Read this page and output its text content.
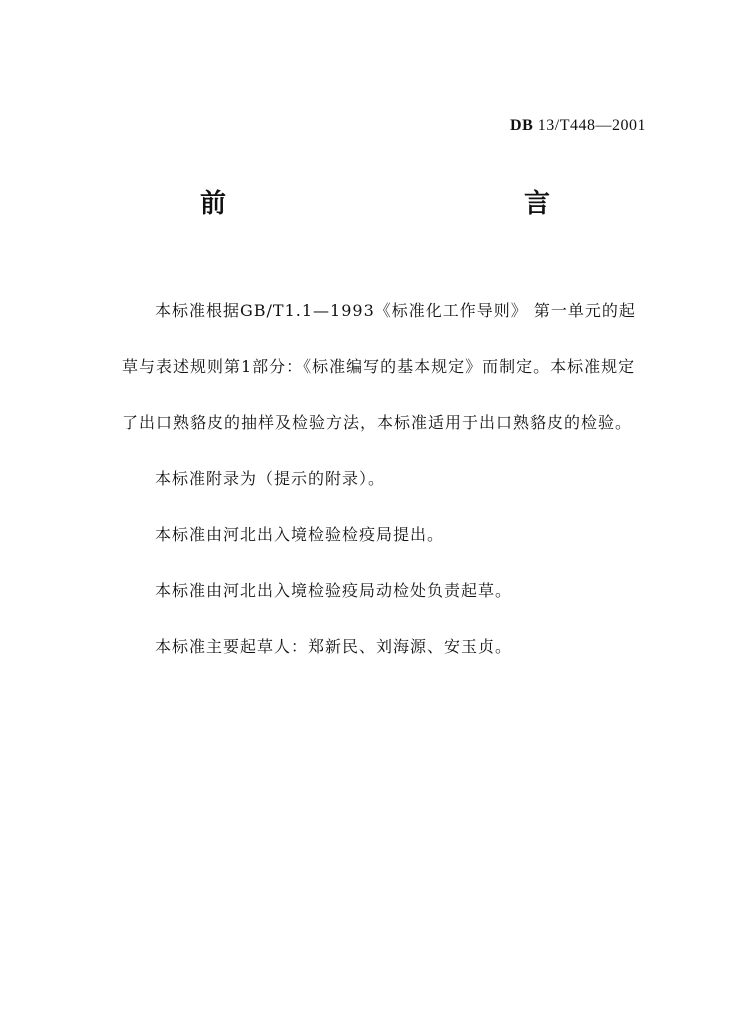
DB 13/T448—2001
前　　言

本标准根据GB/T1.1—1993《标准化工作导则》 第一单元的起

草与表述规则第1部分：《标准编写的基本规定》而制定。本标准规定

了出口熟貉皮的抽样及检验方法，本标准适用于出口熟貉皮的检验。

本标准附录为（提示的附录）。

本标准由河北出入境检验检疫局提出。

本标准由河北出入境检验疫局动检处负责起草。

本标准主要起草人：郑新民、刘海源、安玉贞。
